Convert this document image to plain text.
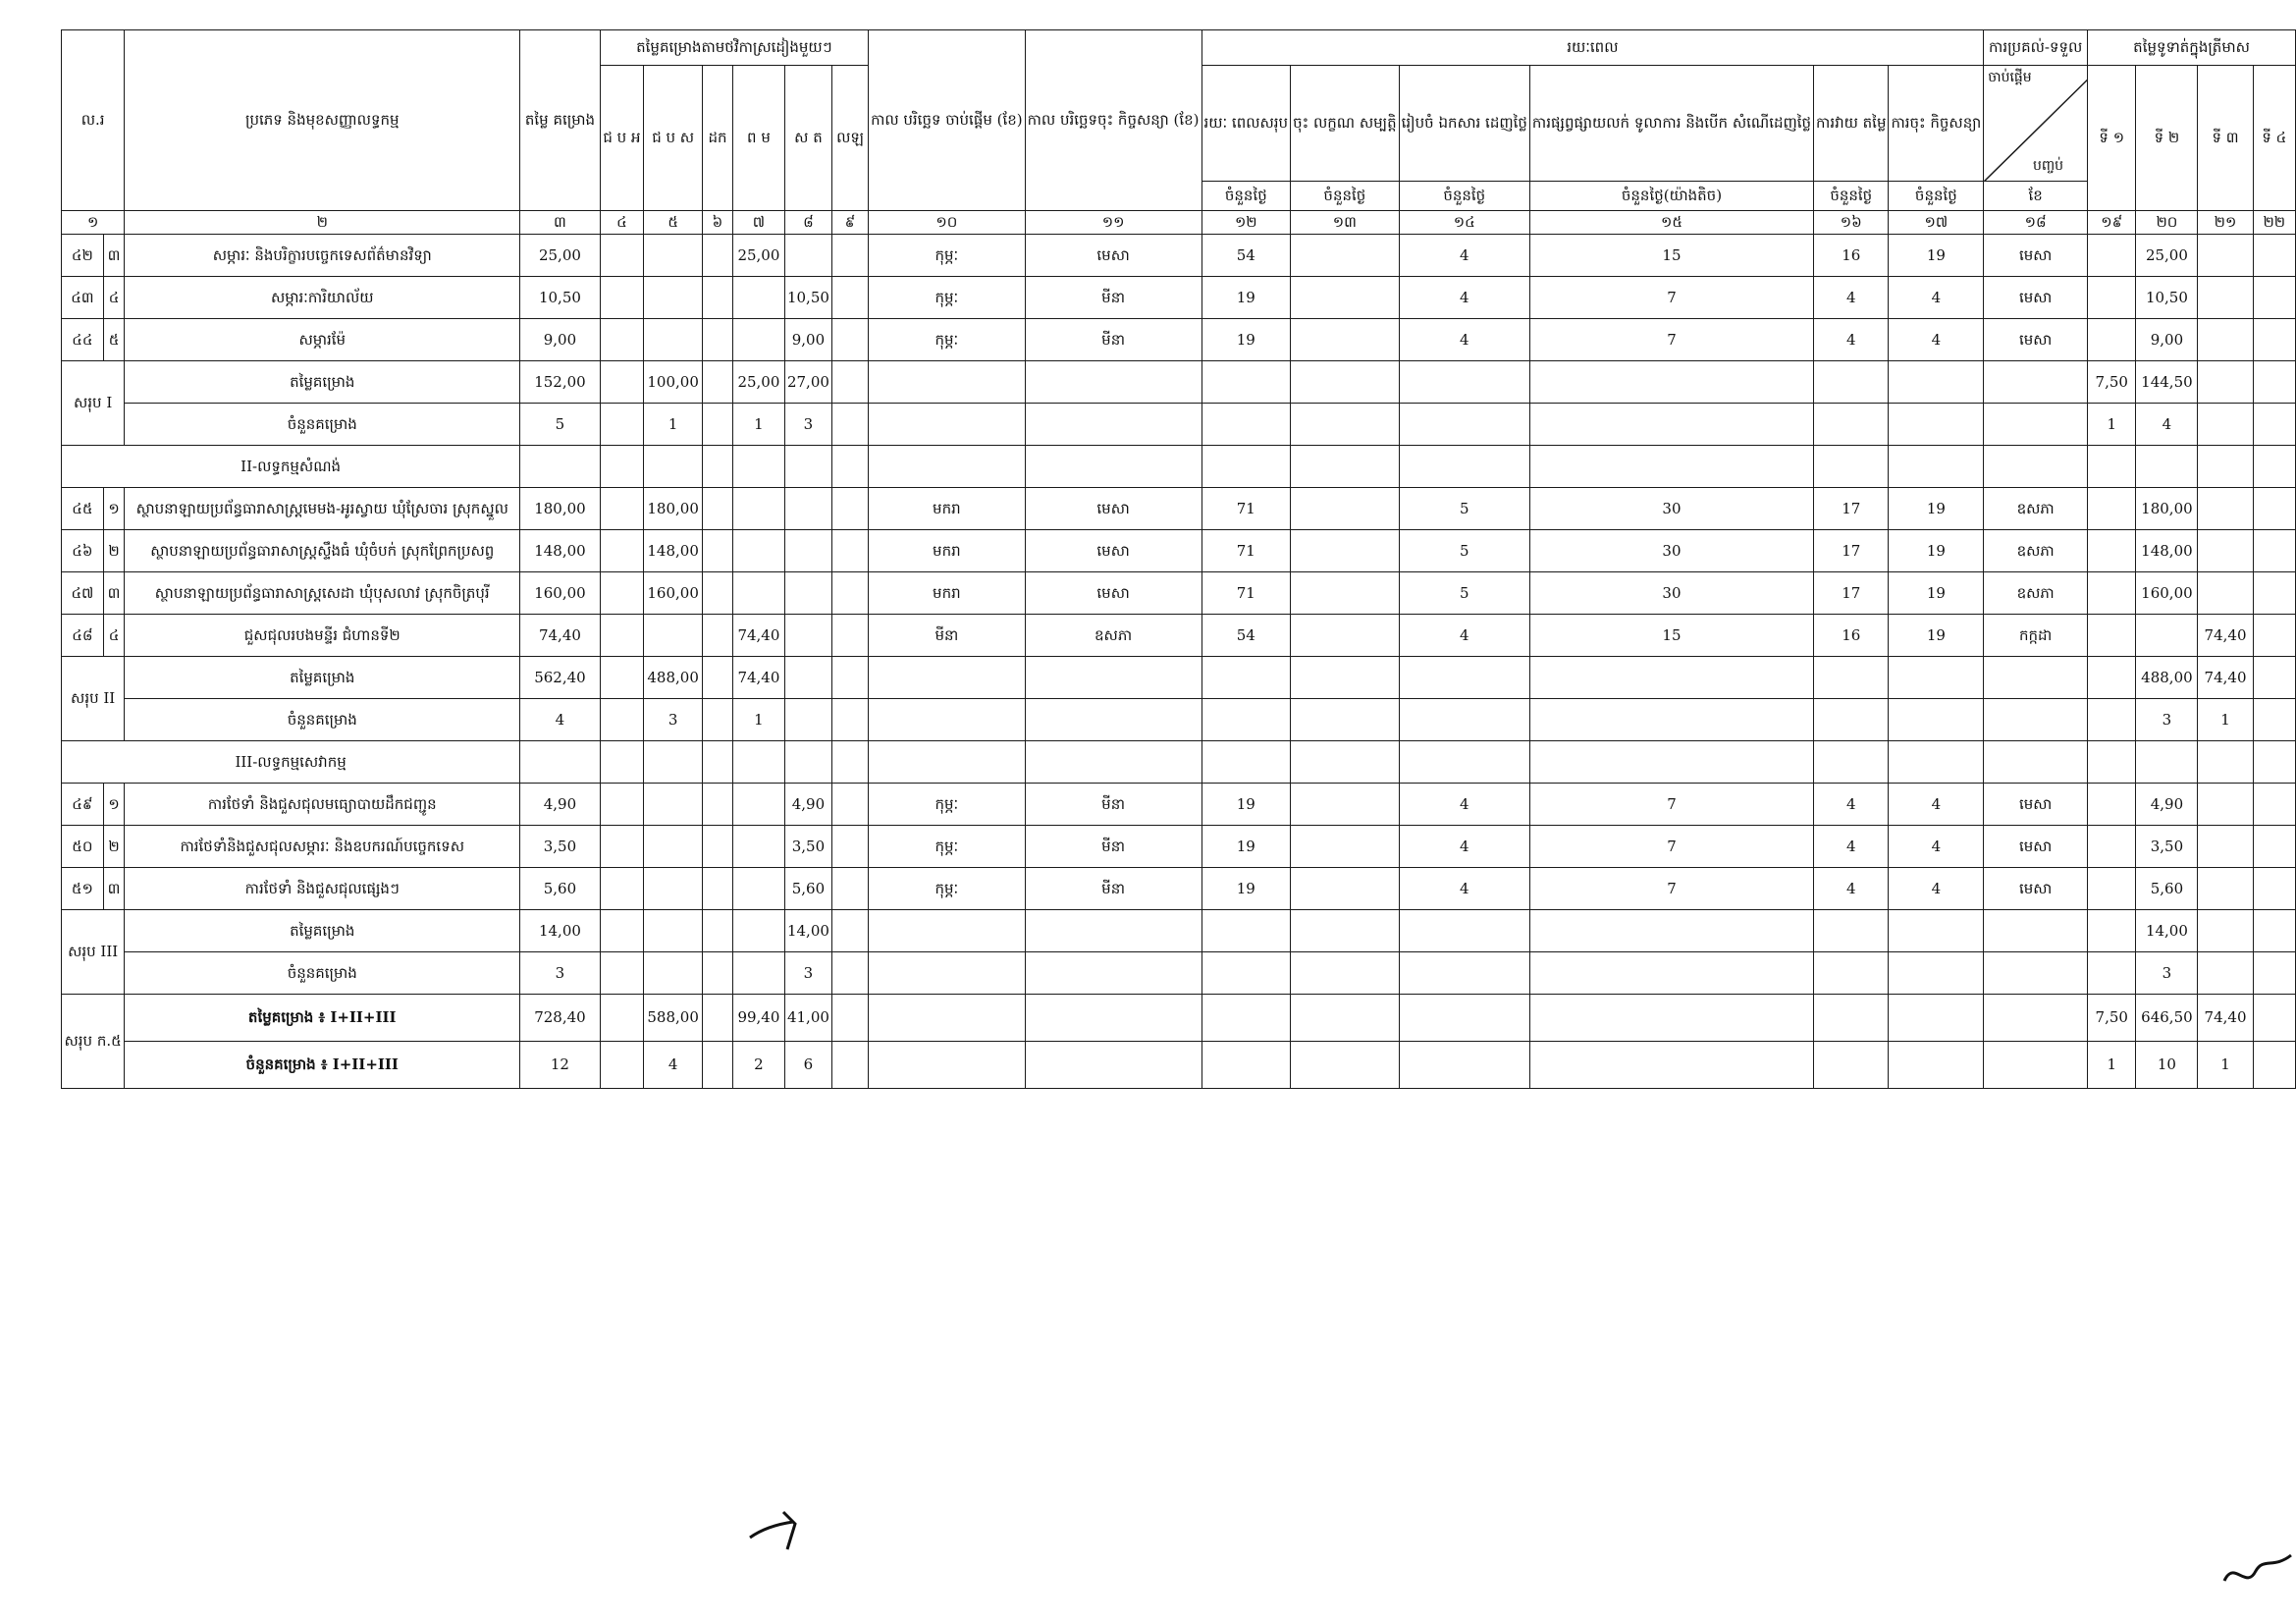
ល.រ		ប្រភេទ និងមុខសញ្ញាលទ្ធកម្ម	តម្លៃ គម្រោង	តម្លៃគម្រោងតាមថវិកាស្រដៀងមួយៗ						កាល បរិច្ឆេទ ចាប់ផ្តើម (ខែ)	កាល បរិច្ឆេទចុះ កិច្ចសន្យា (ខែ)	រយៈពេល						ការប្រគល់-ទទួល	តម្លៃទូទាត់ក្នុងត្រីមាស			
				ជ ប អ	ជ ប ស	ដក	ព ម	ស ត	លឡ			រយៈ ពេលសរុប	ចុះ លក្ខណ សម្បត្តិ	រៀបចំ ឯកសារ ដេញថ្លៃ	ការផ្សព្វផ្សាយលក់ ទូលាការ និងបើក សំណើដេញថ្លៃ	ការវាយ តម្លៃ	ការចុះ កិច្ចសន្យា	ចាប់ផ្តើម
បញ្ចប់	ទី ១	ទី ២	ទី ៣	ទី ៤
												ចំនួនថ្ងៃ	ចំនួនថ្ងៃ	ចំនួនថ្ងៃ	ចំនួនថ្ងៃ(យ៉ាងតិច)	ចំនួនថ្ងៃ	ចំនួនថ្ងៃ	ខែ				
១		២	៣	៤	៥	៦	៧	៨	៩	១០	១១	១២	១៣	១៤	១៥	១៦	១៧	១៨	១៩	២០	២១	២២
៤២	៣	សម្ភារៈ និងបរិក្ខារបច្ចេកទេសព័ត៌មានវិទ្យា	25,00				25,00			កុម្ភៈ	មេសា	54		4	15	16	19	មេសា		25,00		
៤៣	៤	សម្ភារៈការិយាល័យ	10,50					10,50		កុម្ភៈ	មីនា	19		4	7	4	4	មេសា		10,50		
៤៤	៥	សម្ភារម៉ែ	9,00					9,00		កុម្ភៈ	មីនា	19		4	7	4	4	មេសា		9,00		
សរុប I		តម្លៃគម្រោង	152,00		100,00		25,00	27,00											7,50	144,50		
		ចំនួនគម្រោង	5		1		1	3											1	4		
II-លទ្ធកម្មសំណង់																						
៤៥	១	ស្ថាបនាឡាយប្រព័ន្ធធារាសាស្ត្រមេមង-អូរស្វាយ ឃុំស្រែចារ ស្រុកស្នួល	180,00		180,00					មករា	មេសា	71		5	30	17	19	ឧសភា		180,00		
៤៦	២	ស្ថាបនាឡាយប្រព័ន្ធធារាសាស្ត្រស្ទឹងធំ ឃុំចំបក់ ស្រុកព្រែកប្រសព្វ	148,00		148,00					មករា	មេសា	71		5	30	17	19	ឧសភា		148,00		
៤៧	៣	ស្ថាបនាឡាយប្រព័ន្ធធារាសាស្ត្រសេដា ឃុំបុសលាវ ស្រុកចិត្របុរី	160,00		160,00					មករា	មេសា	71		5	30	17	19	ឧសភា		160,00		
៤៨	៤	ជួសជុលរបងមន្ទីរ ជំហានទី២	74,40				74,40			មីនា	ឧសភា	54		4	15	16	19	កក្កដា			74,40	
សរុប II		តម្លៃគម្រោង	562,40		488,00		74,40													488,00	74,40	
		ចំនួនគម្រោង	4		3		1													3	1	
III-លទ្ធកម្មសេវាកម្ម																						
៤៩	១	ការថែទាំ និងជួសជុលមធ្យោបាយដឹកជញ្ជូន	4,90					4,90		កុម្ភៈ	មីនា	19		4	7	4	4	មេសា		4,90		
៥០	២	ការថែទាំនិងជួសជុលសម្ភារៈ និងឧបករណ៍បច្ចេកទេស	3,50					3,50		កុម្ភៈ	មីនា	19		4	7	4	4	មេសា		3,50		
៥១	៣	ការថែទាំ និងជួសជុលផ្សេងៗ	5,60					5,60		កុម្ភៈ	មីនា	19		4	7	4	4	មេសា		5,60		
សរុប III		តម្លៃគម្រោង	14,00					14,00												14,00		
		ចំនួនគម្រោង	3					3												3		
សរុប ក.៥		តម្លៃគម្រោង ៖ I+II+III	728,40		588,00		99,40	41,00											7,50	646,50	74,40	
		ចំនួនគម្រោង ៖ I+II+III	12		4		2	6											1	10	1	
